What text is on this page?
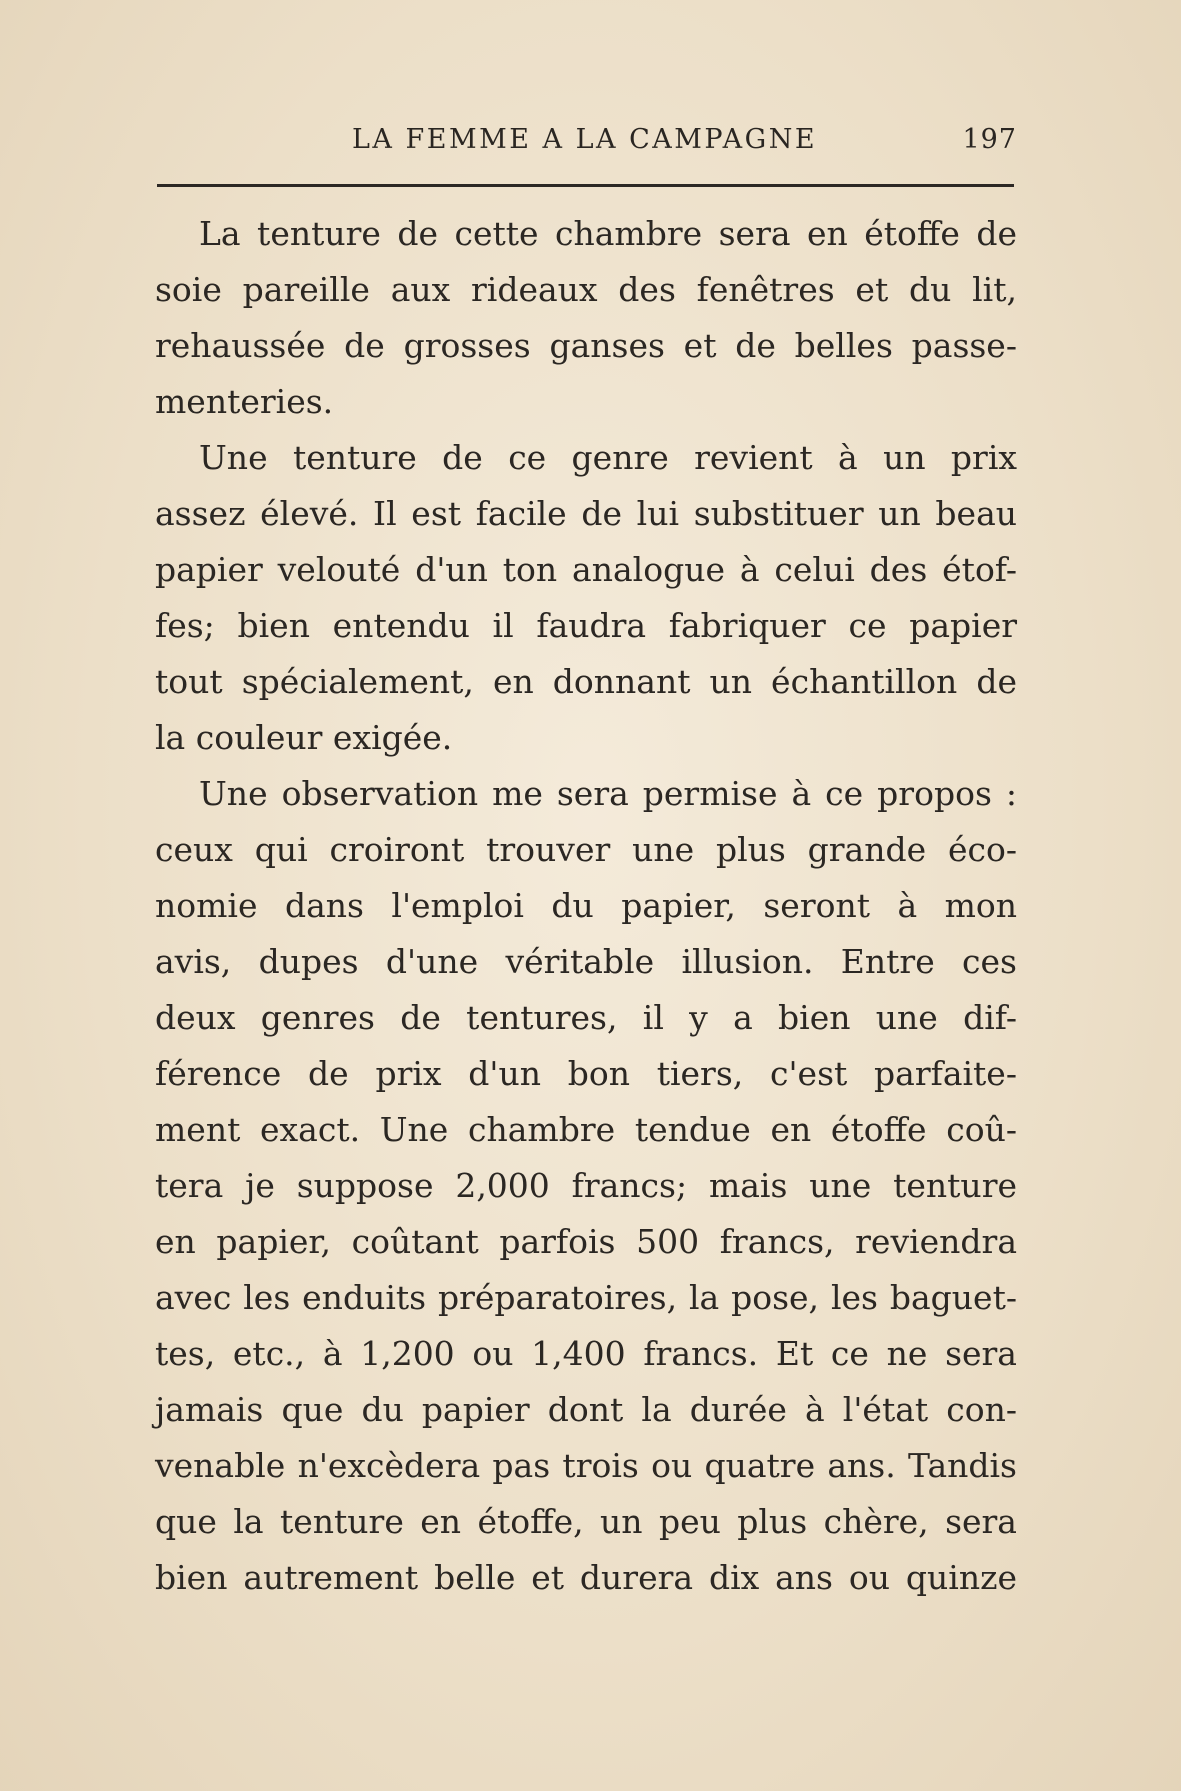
LA FEMME A LA CAMPAGNE	197
La tenture de cette chambre sera en étoffe de
soie pareille aux rideaux des fenêtres et du lit,
rehaussée de grosses ganses et de belles passe-
menteries.
Une tenture de ce genre revient à un prix
assez élevé. Il est facile de lui substituer un beau
papier velouté d'un ton analogue à celui des étof-
fes; bien entendu il faudra fabriquer ce papier
tout spécialement, en donnant un échantillon de
la couleur exigée.
Une observation me sera permise à ce propos :
ceux qui croiront trouver une plus grande éco-
nomie dans l'emploi du papier, seront à mon
avis, dupes d'une véritable illusion. Entre ces
deux genres de tentures, il y a bien une dif-
férence de prix d'un bon tiers, c'est parfaite-
ment exact. Une chambre tendue en étoffe coû-
tera je suppose 2,000 francs; mais une tenture
en papier, coûtant parfois 500 francs, reviendra
avec les enduits préparatoires, la pose, les baguet-
tes, etc., à 1,200 ou 1,400 francs. Et ce ne sera
jamais que du papier dont la durée à l'état con-
venable n'excèdera pas trois ou quatre ans. Tandis
que la tenture en étoffe, un peu plus chère, sera
bien autrement belle et durera dix ans ou quinze
